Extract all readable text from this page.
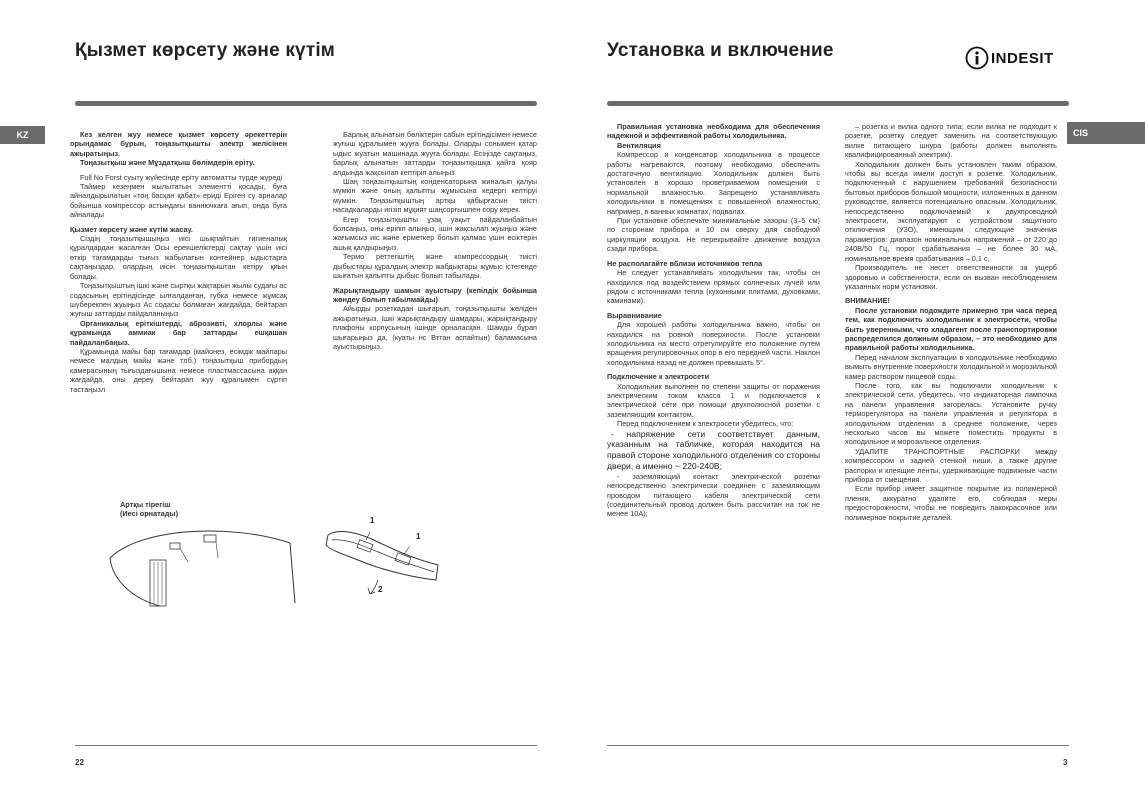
Қызмет көрсету және күтім
KZ	Кез келген жуу немесе қызмет көрсету әрекеттерін орындамас бұрын, тоңазытқышты электр желісінен ажыратыңыз.

Тоңазытқыш және Мұздатқыш бөлімдерін еріту.

Full No Forst суыту жүйесінде еріту автоматты түрде жүреді

Таймер кезеңмен жылытатын элементті қосады, буға айналдырылатын «тоң басқан қабат» ериді Еріген су арналар бойынша компрессор астындағы ваннючкаға ағып, онда буға айналады

Қызмет көрсету және күтім жасау.

Сіздің тоңазытқышыңыз иісі шықпайтын гигиеналық құралдардан жасалған Осы ерекшеліктерді сақтау үшін иісі өткір тағамдарды тығыз жабылатын контейнер ыдыстарға сақтаңыздар, олардың иісін тоңазытқыштан кетіру қиын болады.

Тоңазытқыштың ішкі және сыртқы жақтарын жылы судағы ас содасының ерітіндісінде ылғалданған, губка немесе жұмсақ шүберекпен жуыңыз Ас содасы болмаған жағдайда, бейтарап жуғыш заттарды пайдаланыңыз

Органикалық еріткіштерді, аброзивті, хлорлы және құрамында аммиак бар заттарды ешқашан пайдаланбаңыз.

Құрамында майы бар тағамдар (майонез, есімдік майлары немесе малдың майы және тлб.) тоңазытқыш прибордың камерасының тығыздағышына немесе пластмассасына аққан жағдайда, оны дереу бейтарап жуу құралымен сүртіп тастаңызл

Барлық алынатын бөліктерін сабын ерітіндісімен немесе жуғыш құралымен жууға болады. Оларды сонымен қатар ыдыс жуатын машинада жууға болады. Есіңізде сақтаңыз, барлық алынатын заттарды тоңазытқышқа қайта қояр алдында жақсылап кептіріп алыңыз.

Шаң тоңазытқыштың конденсаторына жиналып қалуы мүмкін және оның қалыпты жұмысына кедергі келтіруі мүмкін. Тоңазытқыштың артқы қабырғасын тиісті насадкаларды игізіп мұқият шаңсорғышпен сору керек.

Егер тоңазытқышты ұзақ уақыт пайдаланбайтын болсаңыз, оны еріпіп алыңыз, ішін жақсылап жуыңыз және жағымсыз иіс және ерметкер болып қалмас үшін есіктерін ашық қалдырыңыз.

Термо реттегіштің және компрессордың тиісті дыбыстары құралдың электр жабдықтары жұмыс істегенде шығатын қалыпты дыбыс болып табылады.

Жарықтандыру шамын ауыстыру (кепілдік бойынша жөндеу болып табылмайды)

Айырды розеткадан шығарып, тоңазытқышты желіден ажыратыңыз. Ішкі жарықтандыру шамдары, жарықтандыру плафоны корпусының ішінде орналасқан. Шамды бұрап шығарыңыз да, (куаты нс Вттан аспайтын) баламасына ауыстырыңыз.

Артқы тірегіш
(Иесі орнатады)
1
1
2
22
Установка и включение	INDESIT
CIS

Правильная установка необходима для обеспечения надежной и эффективной работы холодильника.

Вентиляция

Компрессор и конденсатор холодильника в процессе работы нагреваются, поэтому необходимо обеспечить достаточную вентиляцию. Холодильник должен быть установлен в хорошо проветриваемом помещении с нормальной влажностью. Запрещено устанавливать холодильники в помещениях с повышенной влажностью, например, в ванных комнатах, подвалах.

При установке обеспечьте минимальные зазоры (3–5 см) по сторонам прибора и 10 см сверху для свободной циркуляции воздуха. Не перекрывайте движение воздуха сзади прибора.

Не располагайте вблизи источников тепла

Не следует устанавливать холодильник так, чтобы он находился под воздействием прямых солнечных лучей или рядом с источниками тепла (кухонными плитами, духовками, каминами).

Выравнивание

Для хорошей работы холодильника важно, чтобы он находился на ровной поверхности. После установки холодильника на место отрегулируйте его положение путем вращения регулировочных опор в его передней части. Наклон холодильника назад не должен превышать 5°.

Подключение к электросети

Холодильник выполнен по степени защиты от поражения электрическим током класса 1 и подключается к электрической сети при помощи двухполюсной розетки с заземляющим контактом.

Перед подключением к электросети убедитесь, что:

- напряжение сети соответствует данным, указанным на табличке, которая находится на правой стороне холодильного отделения со стороны двери, а именно ~ 220-240В;

- заземляющий контакт электрической розетки непосредственно электрически соединен с заземляющим проводом питающего кабеля электрической сети (соединительный провод должен быть рассчитан на ток не менее 10А);

– розетка и вилка одного типа; если вилка не подходит к розетке, розетку следует заменить на соответствующую вилке питающего шнура (работы должен выполнять квалифицированный электрик).

Холодильник должен быть установлен таким образом, чтобы вы всегда имели доступ к розетке. Холодильник, подключенный с нарушением требований безопасности бытовых приборов большой мощности, изложенных в данном руководстве, является потенциально опасным. Холодильник, непосредственно подключаемый к двухпроводной электросети, эксплуатируют с устройством защитного отключения (УЗО), имеющим следующие значения параметров: диапазон номинальных напряжений – от 220 до 240В/50 Гц, порог срабатывания – не более 30 мА, номинальное время срабатывания – 0,1 с.

Производитель не несет ответственности за ущерб здоровью и собственности, если он вызван несоблюдением указанных норм установки.

ВНИМАНИЕ!

После установки подождите примерно три часа перед тем, как подключить холодильник к электросети, чтобы быть уверенными, что хладагент после транспортировки распределился должным образом, – это необходимо для правильной работы холодильника.

Перед началом эксплуатации в холодильнике необходимо вымыть внутренние поверхности холодильной и морозильной камер раствором пищевой соды.

После того, как вы подключили холодильник к электрической сети, убедитесь, что индикаторная лампочка на панели управления загорелась. Установите ручку терморегулятора на панели управления и регулятора в холодильном отделении в среднее положение, через несколько часов вы можете поместить продукты в холодильное и морозильное отделения.

УДАЛИТЕ ТРАНСПОРТНЫЕ РАСПОРКИ между компрессором и задней стенкой ниши, а также другие распорки и клеящие ленты, удерживающие подвижные части прибора от смещения.

Если прибор имеет защитное покрытие из полимерной пленки, аккуратно удалите его, соблюдая меры предосторожности, чтобы не повредить лакокрасочное или полимерное покрытие деталей.

3
